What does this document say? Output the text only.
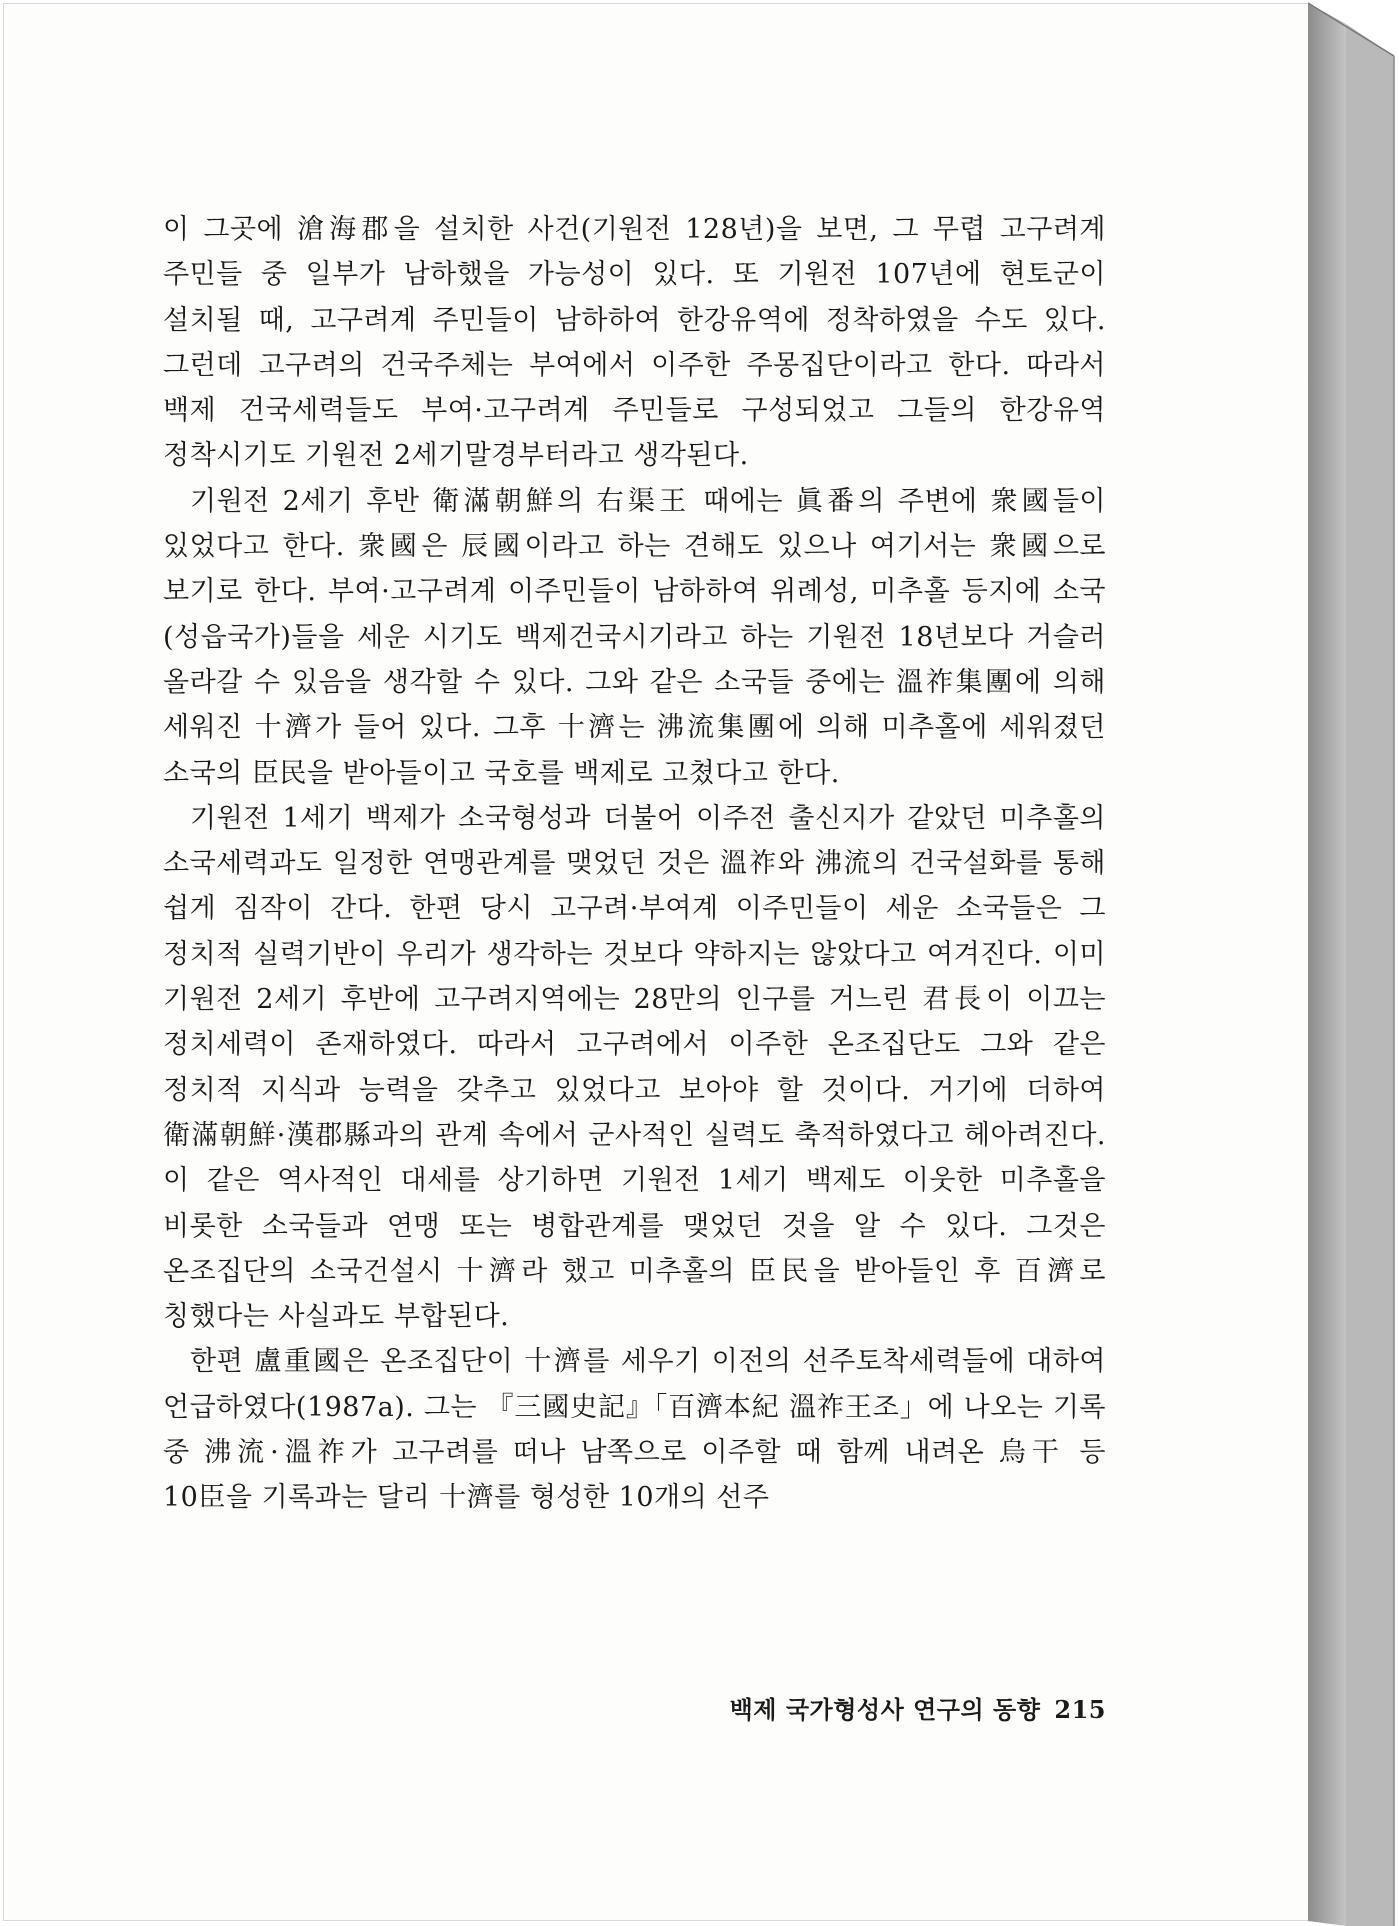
이 그곳에 滄海郡을 설치한 사건(기원전 128년)을 보면, 그 무렵 고구려계 주민들 중 일부가 남하했을 가능성이 있다. 또 기원전 107년에 현토군이 설치될 때, 고구려계 주민들이 남하하여 한강유역에 정착하였을 수도 있다. 그런데 고구려의 건국주체는 부여에서 이주한 주몽집단이라고 한다. 따라서 백제 건국세력들도 부여·고구려계 주민들로 구성되었고 그들의 한강유역 정착시기도 기원전 2세기말경부터라고 생각된다.

기원전 2세기 후반 衛滿朝鮮의 右渠王 때에는 眞番의 주변에 衆國들이 있었다고 한다. 衆國은 辰國이라고 하는 견해도 있으나 여기서는 衆國으로 보기로 한다. 부여·고구려계 이주민들이 남하하여 위례성, 미추홀 등지에 소국(성읍국가)들을 세운 시기도 백제건국시기라고 하는 기원전 18년보다 거슬러 올라갈 수 있음을 생각할 수 있다. 그와 같은 소국들 중에는 溫祚集團에 의해 세워진 十濟가 들어 있다. 그후 十濟는 沸流集團에 의해 미추홀에 세워졌던 소국의 臣民을 받아들이고 국호를 백제로 고쳤다고 한다.

기원전 1세기 백제가 소국형성과 더불어 이주전 출신지가 같았던 미추홀의 소국세력과도 일정한 연맹관계를 맺었던 것은 溫祚와 沸流의 건국설화를 통해 쉽게 짐작이 간다. 한편 당시 고구려·부여계 이주민들이 세운 소국들은 그 정치적 실력기반이 우리가 생각하는 것보다 약하지는 않았다고 여겨진다. 이미 기원전 2세기 후반에 고구려지역에는 28만의 인구를 거느린 君長이 이끄는 정치세력이 존재하였다. 따라서 고구려에서 이주한 온조집단도 그와 같은 정치적 지식과 능력을 갖추고 있었다고 보아야 할 것이다. 거기에 더하여 衛滿朝鮮·漢郡縣과의 관계 속에서 군사적인 실력도 축적하였다고 헤아려진다. 이 같은 역사적인 대세를 상기하면 기원전 1세기 백제도 이웃한 미추홀을 비롯한 소국들과 연맹 또는 병합관계를 맺었던 것을 알 수 있다. 그것은 온조집단의 소국건설시 十濟라 했고 미추홀의 臣民을 받아들인 후 百濟로 칭했다는 사실과도 부합된다.

한편 盧重國은 온조집단이 十濟를 세우기 이전의 선주토착세력들에 대하여 언급하였다(1987a). 그는 『三國史記』「百濟本紀 溫祚王조」에 나오는 기록 중 沸流·溫祚가 고구려를 떠나 남쪽으로 이주할 때 함께 내려온 烏干 등 10臣을 기록과는 달리 十濟를 형성한 10개의 선주

백제 국가형성사 연구의 동향 215
